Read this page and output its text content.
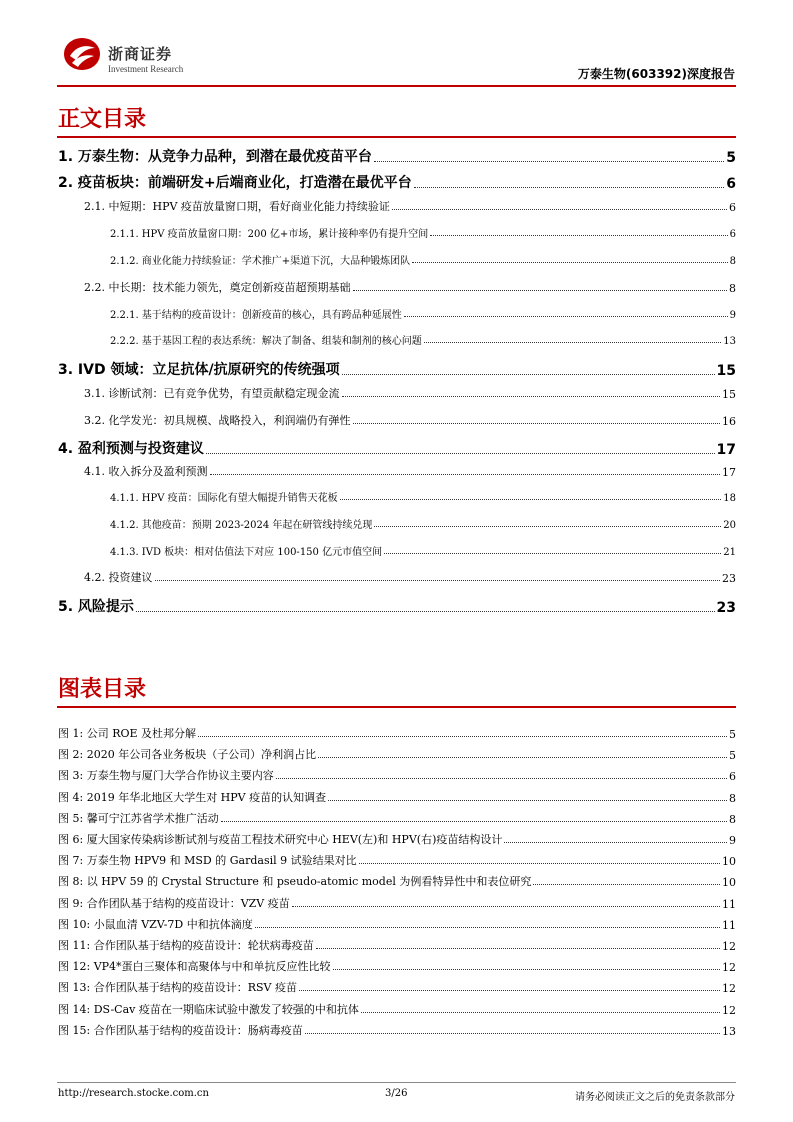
浙商证券
Investment Research	万泰生物(603392)深度报告
正文目录
1. 万泰生物：从竞争力品种，到潜在最优疫苗平台	5
2. 疫苗板块：前端研发+后端商业化，打造潜在最优平台	6
2.1. 中短期：HPV 疫苗放量窗口期，看好商业化能力持续验证	6
2.1.1. HPV 疫苗放量窗口期：200 亿+市场，累计接种率仍有提升空间	6
2.1.2. 商业化能力持续验证：学术推广+渠道下沉，大品种锻炼团队	8
2.2. 中长期：技术能力领先，奠定创新疫苗超预期基础	8
2.2.1. 基于结构的疫苗设计：创新疫苗的核心，具有跨品种延展性	9
2.2.2. 基于基因工程的表达系统：解决了制备、组装和制剂的核心问题	13
3. IVD 领域：立足抗体/抗原研究的传统强项	15
3.1. 诊断试剂：已有竞争优势，有望贡献稳定现金流	15
3.2. 化学发光：初具规模、战略投入，利润端仍有弹性	16
4. 盈利预测与投资建议	17
4.1. 收入拆分及盈利预测	17
4.1.1. HPV 疫苗：国际化有望大幅提升销售天花板	18
4.1.2. 其他疫苗：预期 2023-2024 年起在研管线持续兑现	20
4.1.3. IVD 板块：相对估值法下对应 100-150 亿元市值空间	21
4.2. 投资建议	23
5. 风险提示	23
图表目录
图 1: 公司 ROE 及杜邦分解	5
图 2: 2020 年公司各业务板块（子公司）净利润占比	5
图 3: 万泰生物与厦门大学合作协议主要内容	6
图 4: 2019 年华北地区大学生对 HPV 疫苗的认知调查	8
图 5: 馨可宁江苏省学术推广活动	8
图 6: 厦大国家传染病诊断试剂与疫苗工程技术研究中心 HEV(左)和 HPV(右)疫苗结构设计	9
图 7: 万泰生物 HPV9 和 MSD 的 Gardasil 9 试验结果对比	10
图 8: 以 HPV 59 的 Crystal Structure 和 pseudo-atomic model 为例看特异性中和表位研究	10
图 9: 合作团队基于结构的疫苗设计：VZV 疫苗	11
图 10: 小鼠血清 VZV-7D 中和抗体滴度	11
图 11: 合作团队基于结构的疫苗设计：轮状病毒疫苗	12
图 12: VP4*蛋白三聚体和高聚体与中和单抗反应性比较	12
图 13: 合作团队基于结构的疫苗设计：RSV 疫苗	12
图 14: DS-Cav 疫苗在一期临床试验中激发了较强的中和抗体	12
图 15: 合作团队基于结构的疫苗设计：肠病毒疫苗	13
http://research.stocke.com.cn	3/26	请务必阅读正文之后的免责条款部分
